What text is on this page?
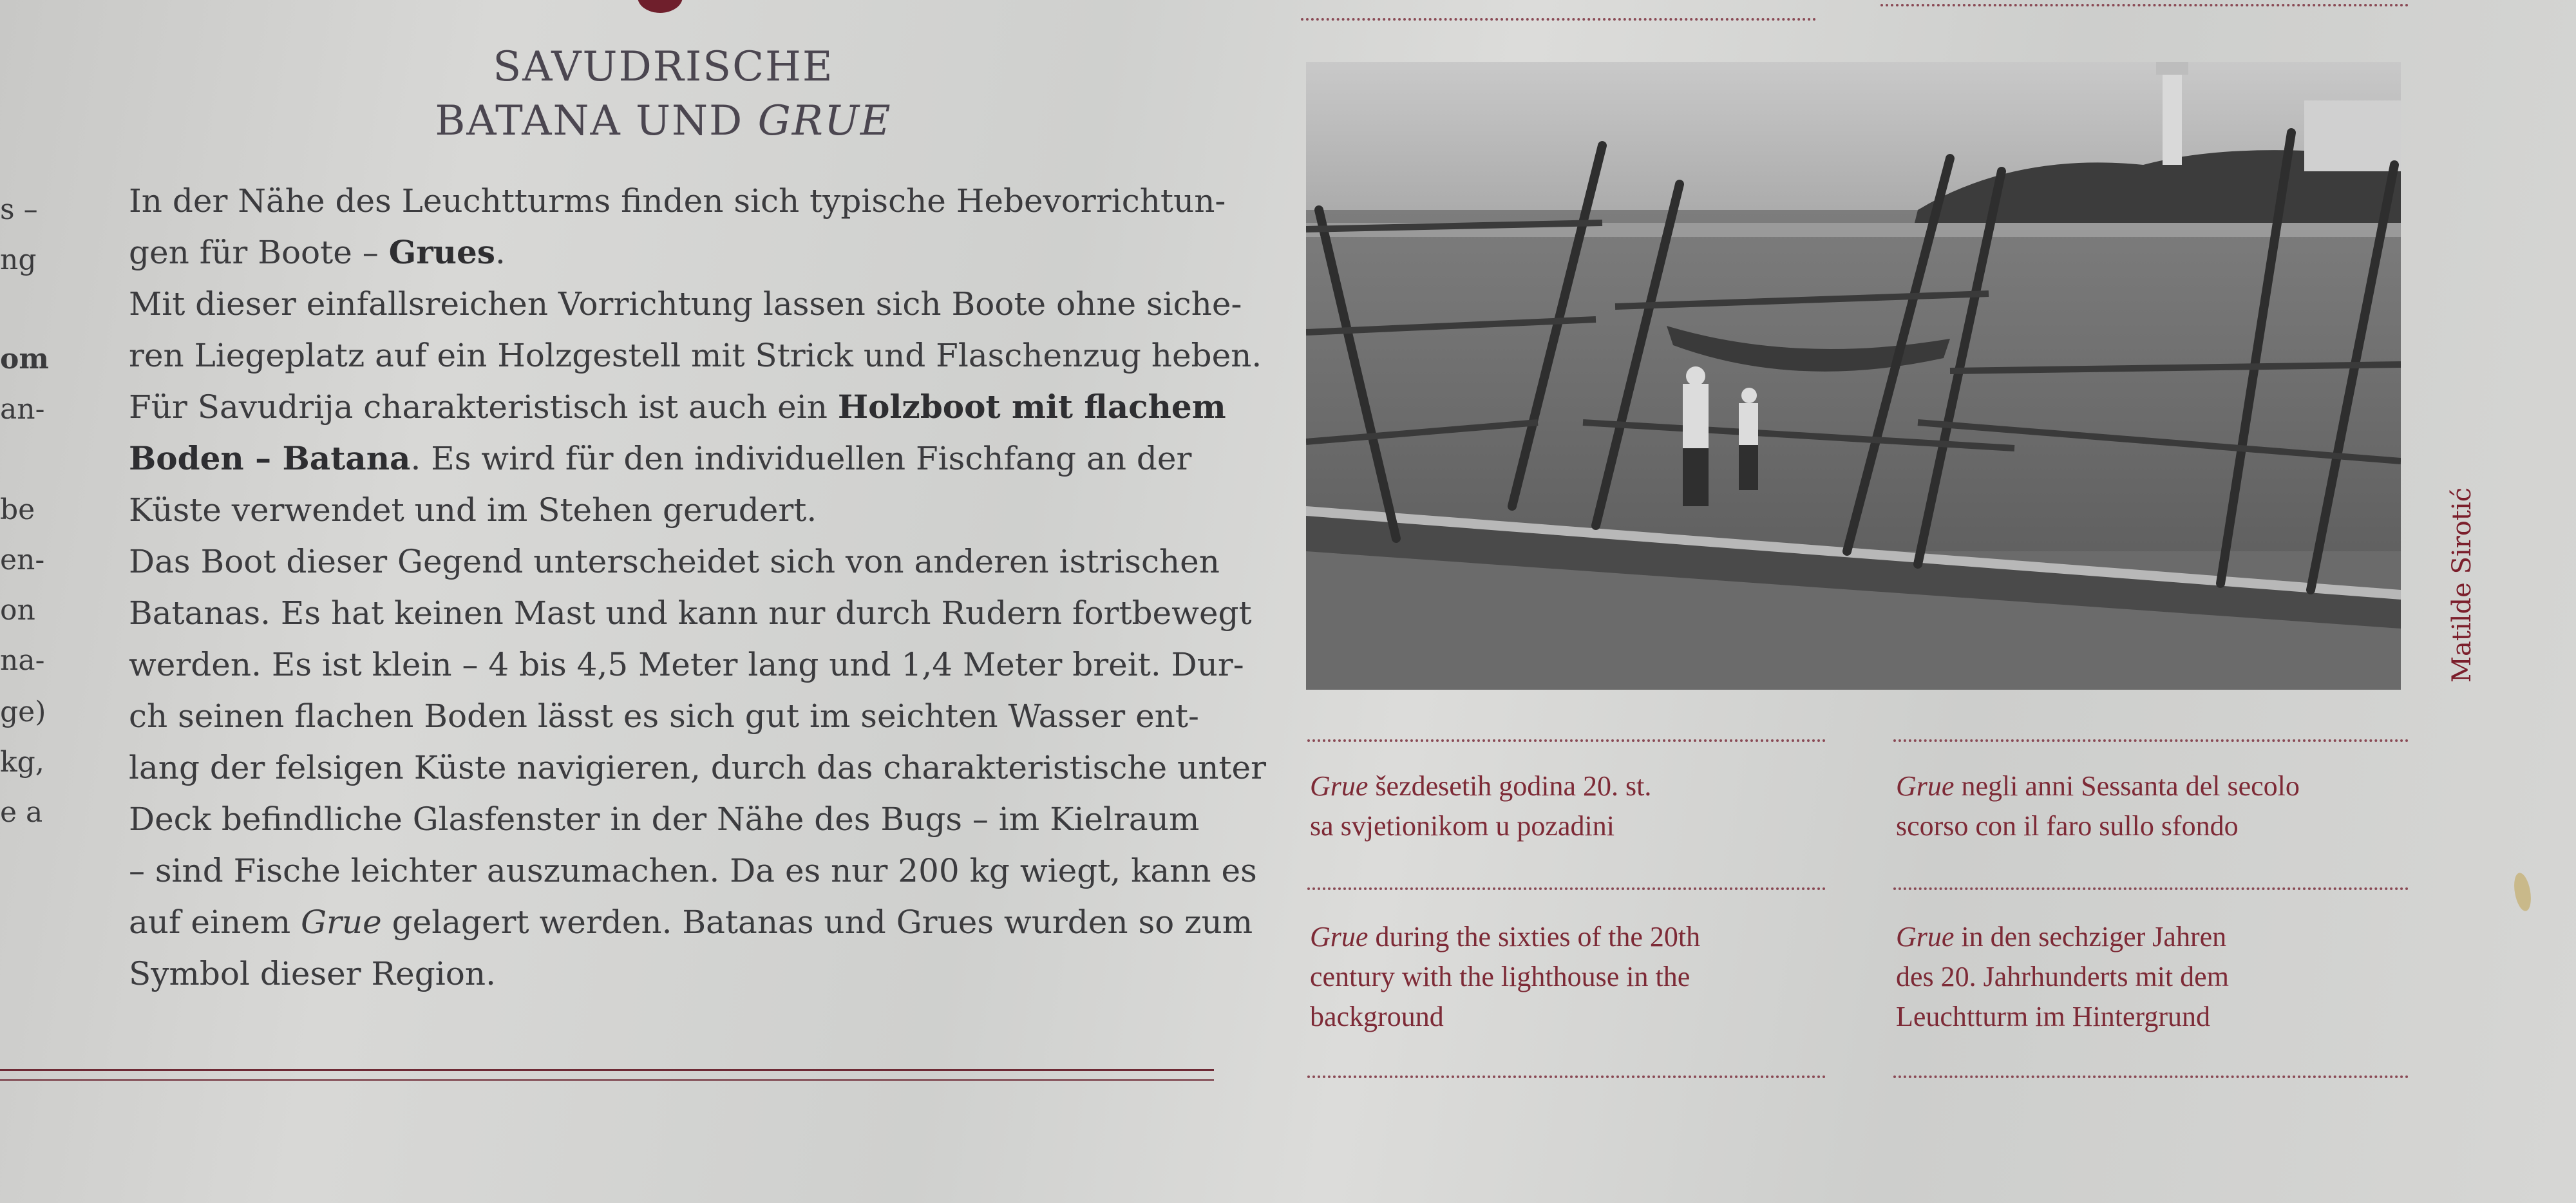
s –
ng
om
an-
be
en-
on
na-
ge)
kg,
e a
SAVUDRISCHE
BATANA UND GRUE
In der Nähe des Leuchtturms finden sich typische Hebevorrichtun-
gen für Boote – Grues.
Mit dieser einfallsreichen Vorrichtung lassen sich Boote ohne siche-
ren Liegeplatz auf ein Holzgestell mit Strick und Flaschenzug heben.
Für Savudrija charakteristisch ist auch ein Holzboot mit flachem
Boden – Batana. Es wird für den individuellen Fischfang an der
Küste verwendet und im Stehen gerudert.
Das Boot dieser Gegend unterscheidet sich von anderen istrischen
Batanas. Es hat keinen Mast und kann nur durch Rudern fortbewegt
werden. Es ist klein – 4 bis 4,5 Meter lang und 1,4 Meter breit. Dur-
ch seinen flachen Boden lässt es sich gut im seichten Wasser ent-
lang der felsigen Küste navigieren, durch das charakteristische unter
Deck befindliche Glasfenster in der Nähe des Bugs – im Kielraum
– sind Fische leichter auszumachen. Da es nur 200 kg wiegt, kann es
auf einem Grue gelagert werden. Batanas und Grues wurden so zum
Symbol dieser Region.
Matilde Sirotić
Grue šezdesetih godina 20. st.
sa svjetionikom u pozadini
Grue negli anni Sessanta del secolo
scorso con il faro sullo sfondo
Grue during the sixties of the 20th
century with the lighthouse in the
background
Grue in den sechziger Jahren
des 20. Jahrhunderts mit dem
Leuchtturm im Hintergrund
